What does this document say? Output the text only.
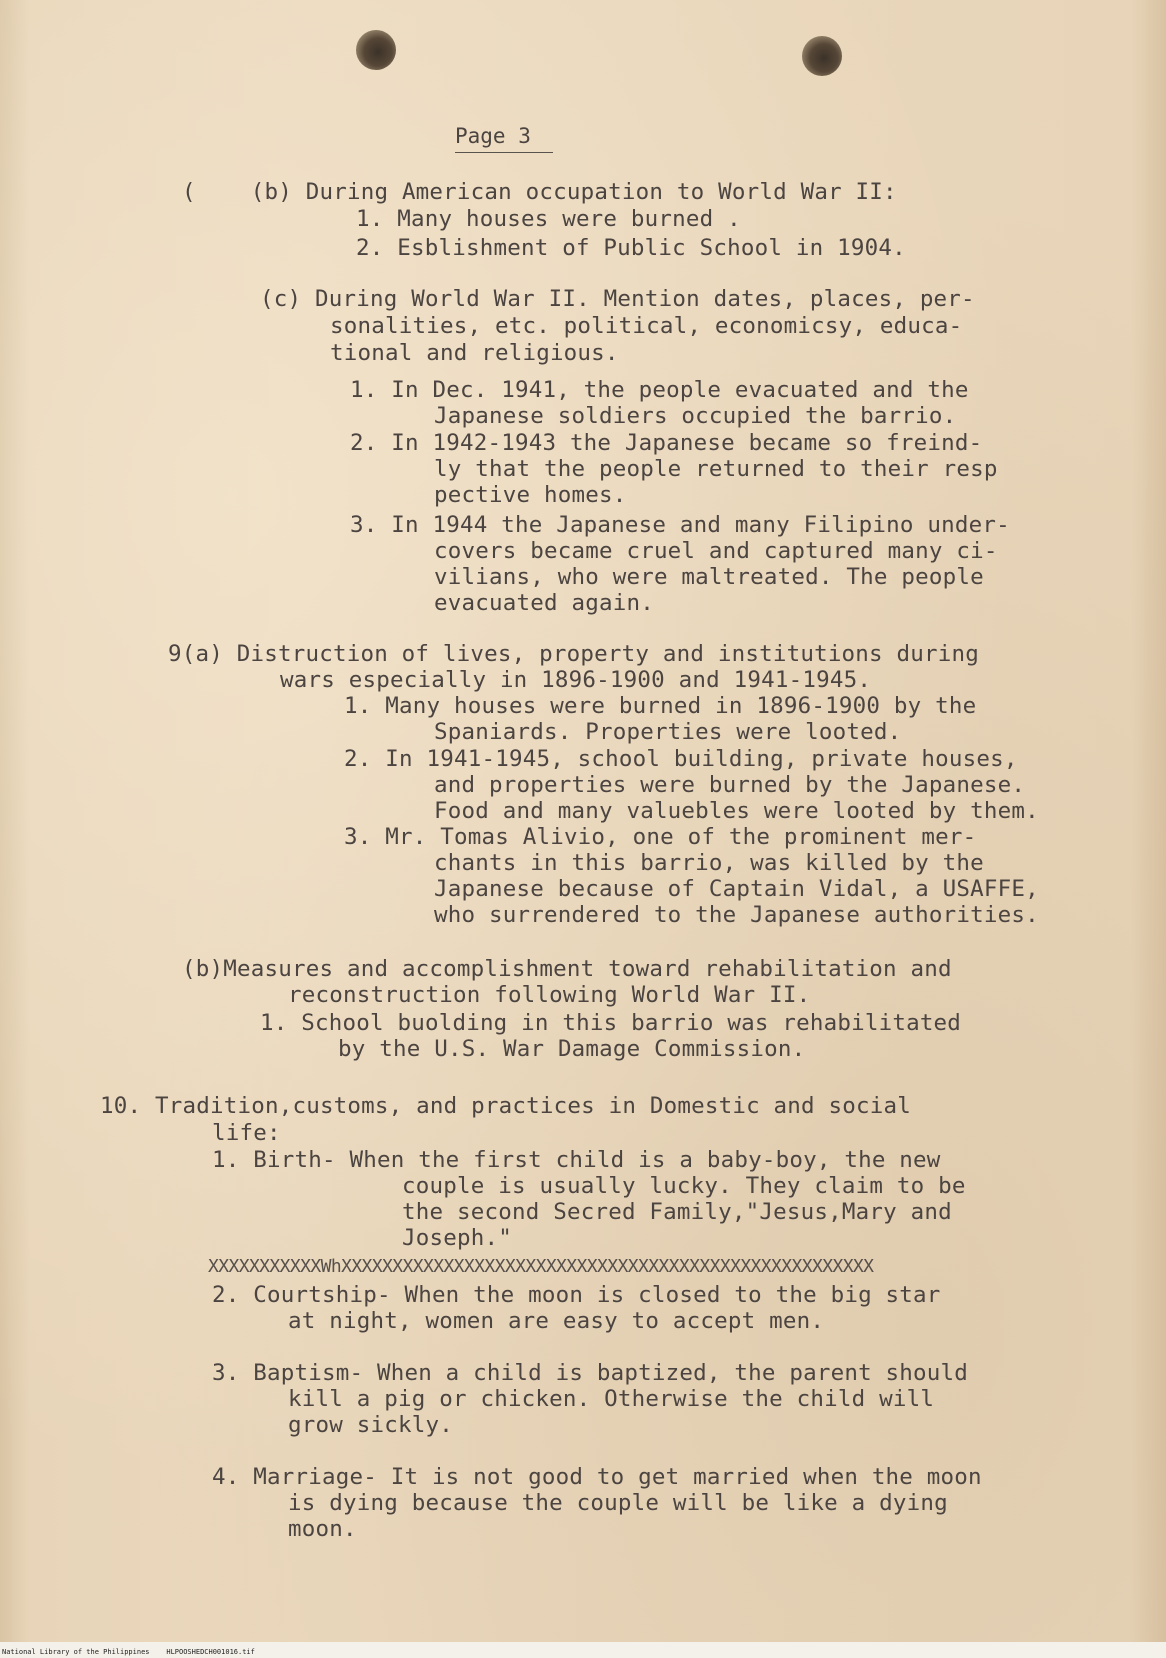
Page 3
(    (b) During American occupation to World War II:
1. Many houses were burned .
2. Esblishment of Public School in 1904.
(c) During World War II. Mention dates, places, per-
sonalities, etc. political, economicsy, educa-
tional and religious.
1. In Dec. 1941, the people evacuated and the
Japanese soldiers occupied the barrio.
2. In 1942-1943 the Japanese became so freind-
ly that the people returned to their resp
pective homes.
3. In 1944 the Japanese and many Filipino under-
covers became cruel and captured many ci-
vilians, who were maltreated. The people
evacuated again.
9(a) Distruction of lives, property and institutions during
wars especially in 1896-1900 and 1941-1945.
1. Many houses were burned in 1896-1900 by the
Spaniards. Properties were looted.
2. In 1941-1945, school building, private houses,
and properties were burned by the Japanese.
Food and many valuebles were looted by them.
3. Mr. Tomas Alivio, one of the prominent mer-
chants in this barrio, was killed by the
Japanese because of Captain Vidal, a USAFFE,
who surrendered to the Japanese authorities.
(b)Measures and accomplishment toward rehabilitation and
reconstruction following World War II.
1. School buolding in this barrio was rehabilitated
by the U.S. War Damage Commission.
10. Tradition,customs, and practices in Domestic and social
life:
1. Birth- When the first child is a baby-boy, the new
couple is usually lucky. They claim to be
the second Secred Family,"Jesus,Mary and
Joseph."
2. Courtship- When the moon is closed to the big star
at night, women are easy to accept men.
3. Baptism- When a child is baptized, the parent should
kill a pig or chicken. Otherwise the child will
grow sickly.
4. Marriage- It is not good to get married when the moon
is dying because the couple will be like a dying
moon.
XXXXXXXXXXXWhXXXXXXXXXXXXXXXXXXXXXXXXXXXXXXXXXXXXXXXXXXXXXXXXXXXX
National Library of the Philippines    HLPOOSHEDCH001016.tif
